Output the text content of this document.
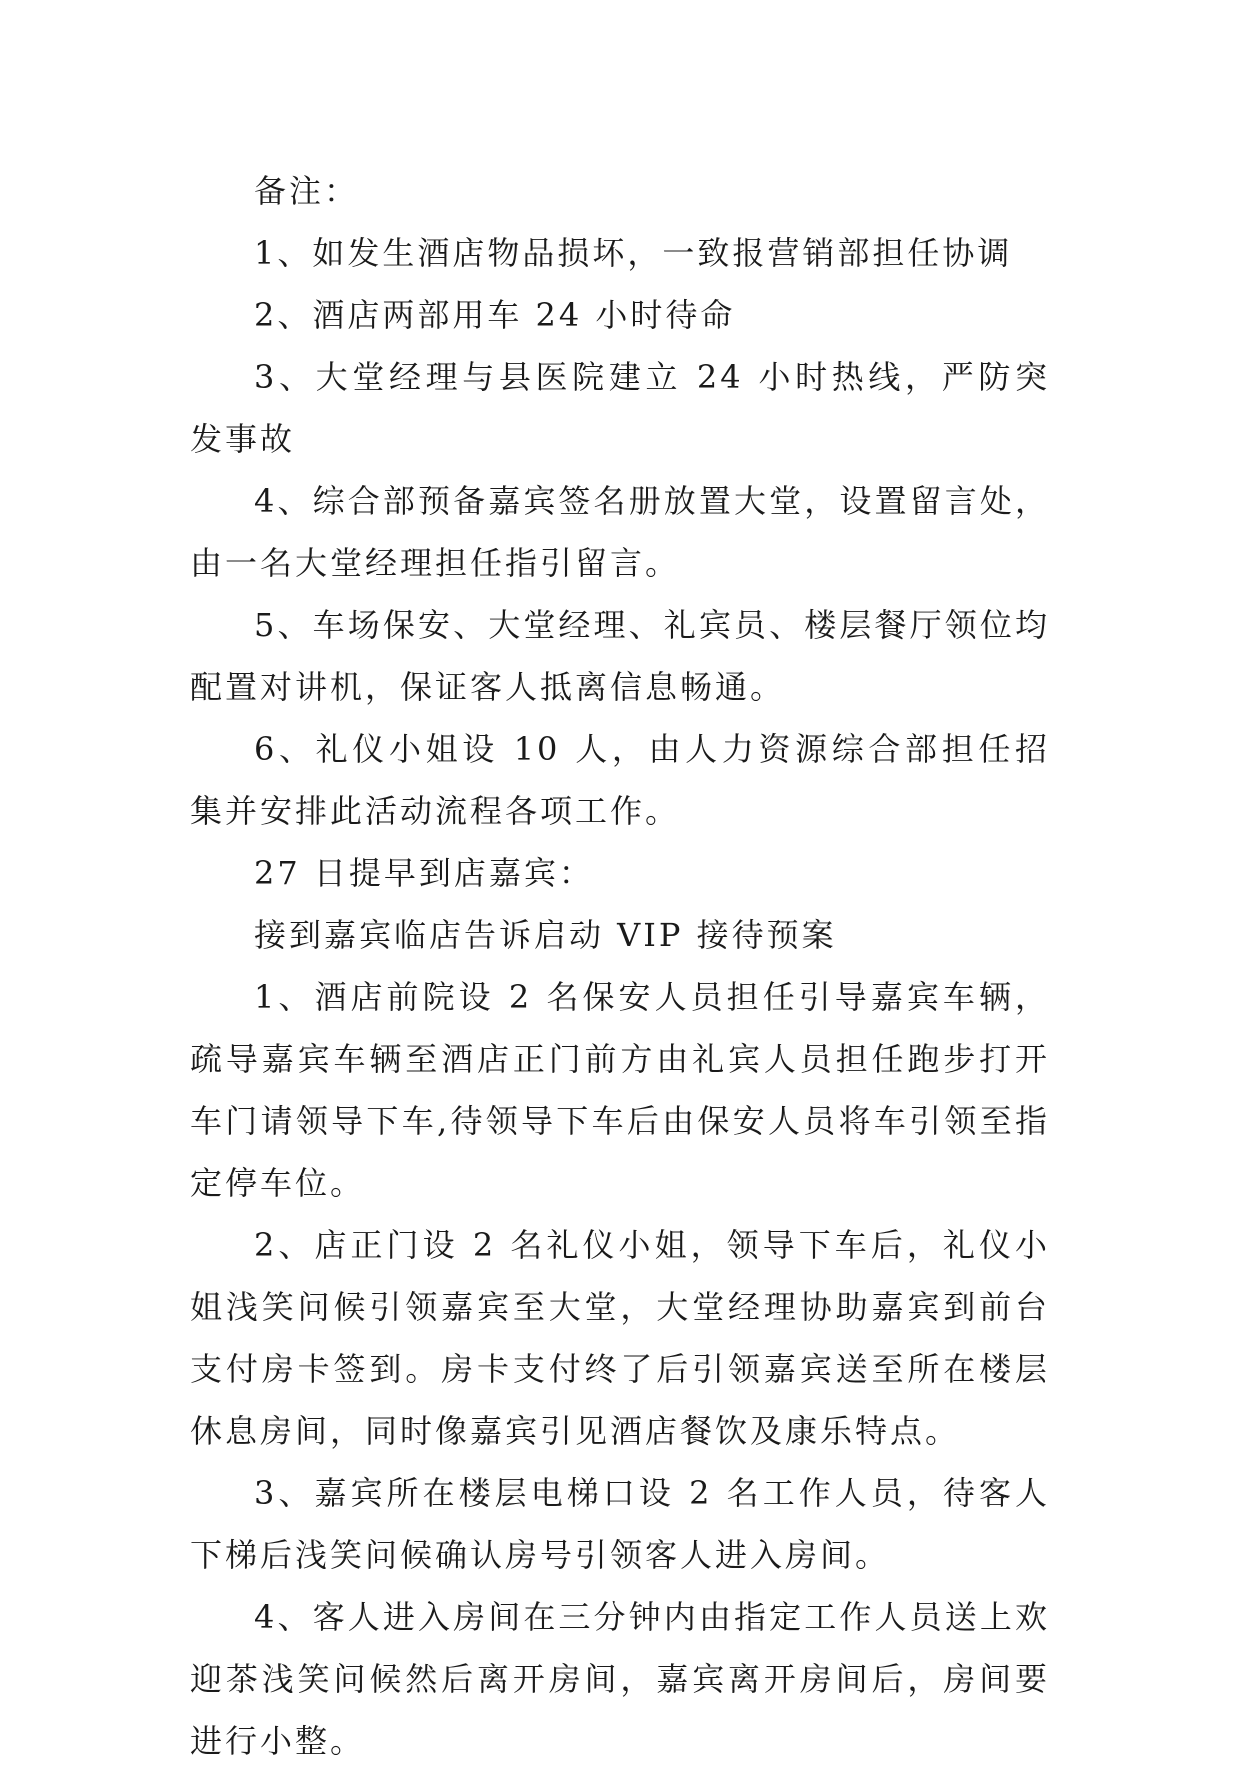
备注：

1、如发生酒店物品损坏，一致报营销部担任协调

2、酒店两部用车 24 小时待命

3、大堂经理与县医院建立 24 小时热线，严防突发事故

4、综合部预备嘉宾签名册放置大堂，设置留言处，由一名大堂经理担任指引留言。

5、车场保安、大堂经理、礼宾员、楼层餐厅领位均配置对讲机，保证客人抵离信息畅通。

6、礼仪小姐设 10 人，由人力资源综合部担任招集并安排此活动流程各项工作。

27 日提早到店嘉宾：

接到嘉宾临店告诉启动 VIP 接待预案

1、酒店前院设 2 名保安人员担任引导嘉宾车辆，疏导嘉宾车辆至酒店正门前方由礼宾人员担任跑步打开车门请领导下车,待领导下车后由保安人员将车引领至指定停车位。

2、店正门设 2 名礼仪小姐，领导下车后，礼仪小姐浅笑问候引领嘉宾至大堂，大堂经理协助嘉宾到前台支付房卡签到。房卡支付终了后引领嘉宾送至所在楼层休息房间，同时像嘉宾引见酒店餐饮及康乐特点。

3、嘉宾所在楼层电梯口设 2 名工作人员，待客人下梯后浅笑问候确认房号引领客人进入房间。

4、客人进入房间在三分钟内由指定工作人员送上欢迎茶浅笑问候然后离开房间，嘉宾离开房间后，房间要进行小整。
